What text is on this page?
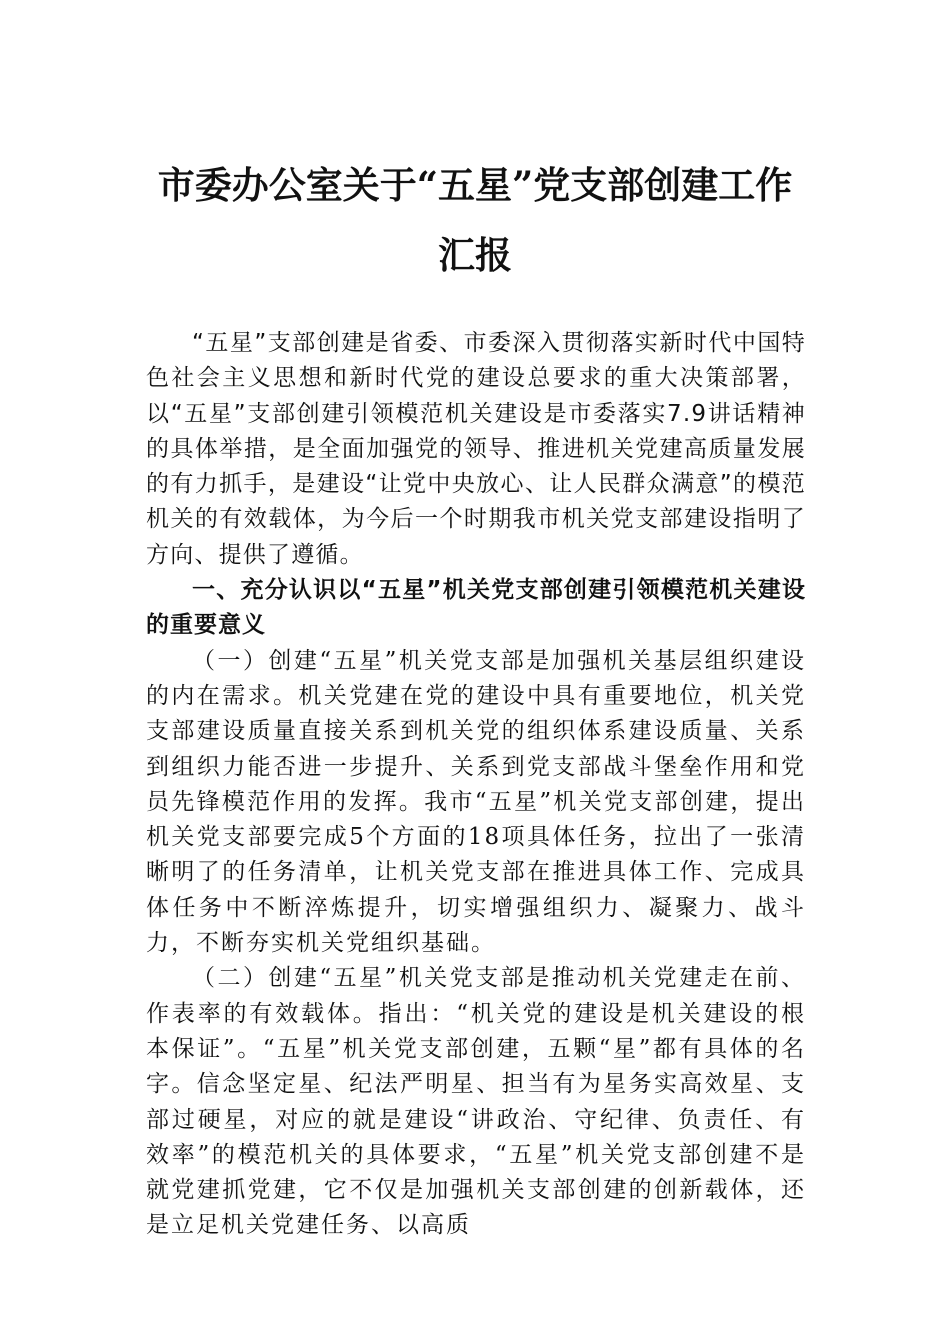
市委办公室关于“五星”党支部创建工作
汇报

“五星”支部创建是省委、市委深入贯彻落实新时代中国特色社会主义思想和新时代党的建设总要求的重大决策部署，以“五星”支部创建引领模范机关建设是市委落实7.9讲话精神的具体举措，是全面加强党的领导、推进机关党建高质量发展的有力抓手，是建设“让党中央放心、让人民群众满意”的模范机关的有效载体，为今后一个时期我市机关党支部建设指明了方向、提供了遵循。

一、充分认识以“五星”机关党支部创建引领模范机关建设的重要意义

（一）创建“五星”机关党支部是加强机关基层组织建设的内在需求。机关党建在党的建设中具有重要地位，机关党支部建设质量直接关系到机关党的组织体系建设质量、关系到组织力能否进一步提升、关系到党支部战斗堡垒作用和党员先锋模范作用的发挥。我市“五星”机关党支部创建，提出机关党支部要完成5个方面的18项具体任务，拉出了一张清晰明了的任务清单，让机关党支部在推进具体工作、完成具体任务中不断淬炼提升，切实增强组织力、凝聚力、战斗力，不断夯实机关党组织基础。

（二）创建“五星”机关党支部是推动机关党建走在前、作表率的有效载体。指出：“机关党的建设是机关建设的根本保证”。“五星”机关党支部创建，五颗“星”都有具体的名字。信念坚定星、纪法严明星、担当有为星务实高效星、支部过硬星，对应的就是建设“讲政治、守纪律、负责任、有效率”的模范机关的具体要求，“五星”机关党支部创建不是就党建抓党建，它不仅是加强机关支部创建的创新载体，还是立足机关党建任务、以高质
